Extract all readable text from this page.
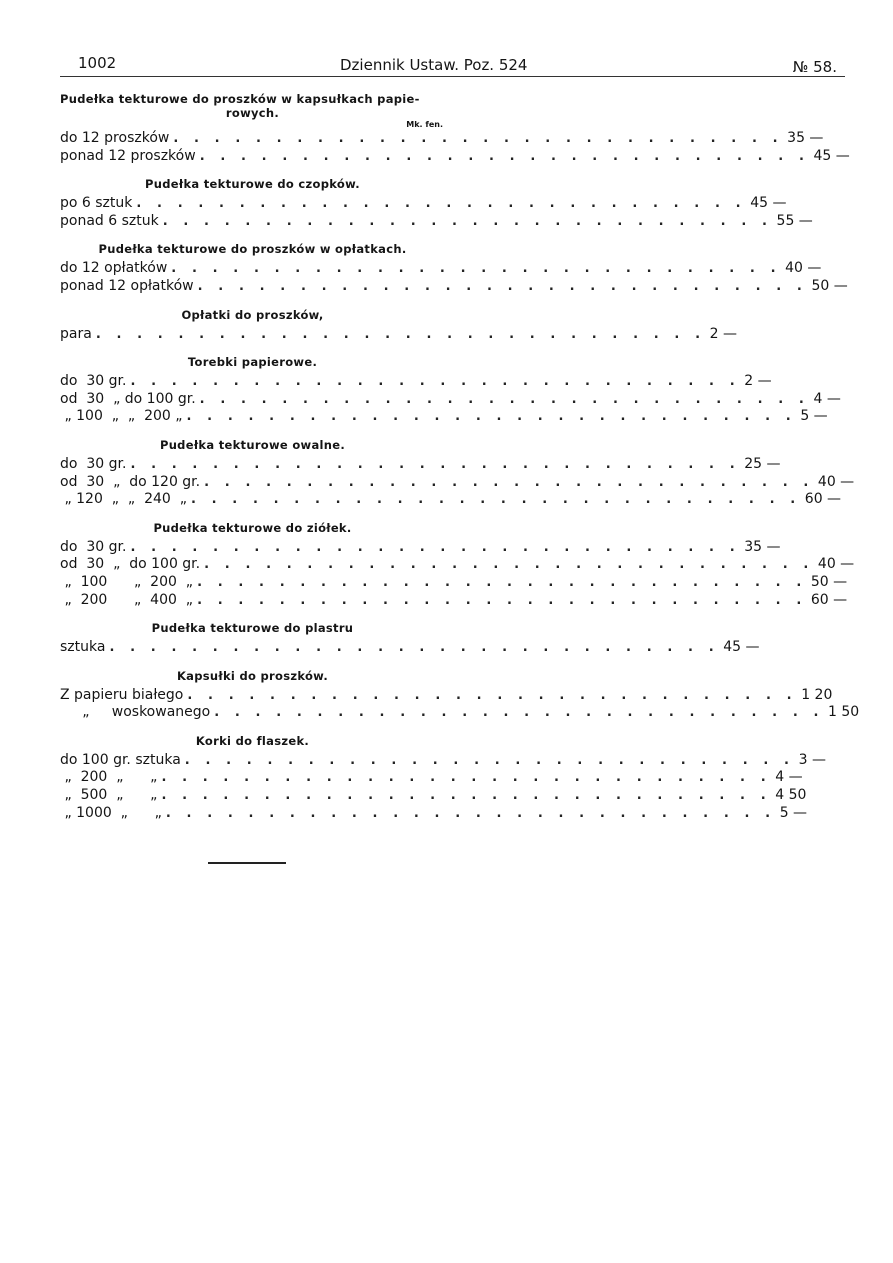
1002	Dziennik Ustaw. Poz. 524	№ 58.
Pudełka tekturowe do proszków w kapsułkach papie-
rowych.
Mk. fen.
do 12 proszków . . . . . . . . . . . . . . . . . . . . . . . . . . . . . . 35 —
ponad 12 proszków . . . . . . . . . . . . . . . . . . . . . . . . . . . . . . 45 —
Pudełka tekturowe do czopków.
po 6 sztuk . . . . . . . . . . . . . . . . . . . . . . . . . . . . . . 45 —
ponad 6 sztuk . . . . . . . . . . . . . . . . . . . . . . . . . . . . . . 55 —
Pudełka tekturowe do proszków w opłatkach.
do 12 opłatków . . . . . . . . . . . . . . . . . . . . . . . . . . . . . . 40 —
ponad 12 opłatków . . . . . . . . . . . . . . . . . . . . . . . . . . . . . . 50 —
Opłatki do proszków,
para . . . . . . . . . . . . . . . . . . . . . . . . . . . . . . 2 —
Torebki papierowe.
do  30 gr. . . . . . . . . . . . . . . . . . . . . . . . . . . . . . . 2 —
od  30  „ do 100 gr. . . . . . . . . . . . . . . . . . . . . . . . . . . . . . . 4 —
„ 100  „  „  200 „ . . . . . . . . . . . . . . . . . . . . . . . . . . . . . . 5 —
Pudełka tekturowe owalne.
do  30 gr. . . . . . . . . . . . . . . . . . . . . . . . . . . . . . . 25 —
od  30  „  do 120 gr. . . . . . . . . . . . . . . . . . . . . . . . . . . . . . . 40 —
„ 120  „  „  240  „ . . . . . . . . . . . . . . . . . . . . . . . . . . . . . . 60 —
Pudełka tekturowe do ziółek.
do  30 gr. . . . . . . . . . . . . . . . . . . . . . . . . . . . . . . 35 —
od  30  „  do 100 gr. . . . . . . . . . . . . . . . . . . . . . . . . . . . . . . 40 —
„  100      „  200  „ . . . . . . . . . . . . . . . . . . . . . . . . . . . . . . 50 —
„  200      „  400  „ . . . . . . . . . . . . . . . . . . . . . . . . . . . . . . 60 —
Pudełka tekturowe do plastru
sztuka . . . . . . . . . . . . . . . . . . . . . . . . . . . . . . 45 —
Kapsułki do proszków.
Z papieru białego . . . . . . . . . . . . . . . . . . . . . . . . . . . . . . 1 20
„     woskowanego . . . . . . . . . . . . . . . . . . . . . . . . . . . . . . 1 50
Korki do flaszek.
do 100 gr. sztuka . . . . . . . . . . . . . . . . . . . . . . . . . . . . . . 3 —
„  200  „      „ . . . . . . . . . . . . . . . . . . . . . . . . . . . . . . 4 —
„  500  „      „ . . . . . . . . . . . . . . . . . . . . . . . . . . . . . . 4 50
„ 1000  „      „ . . . . . . . . . . . . . . . . . . . . . . . . . . . . . . 5 —
